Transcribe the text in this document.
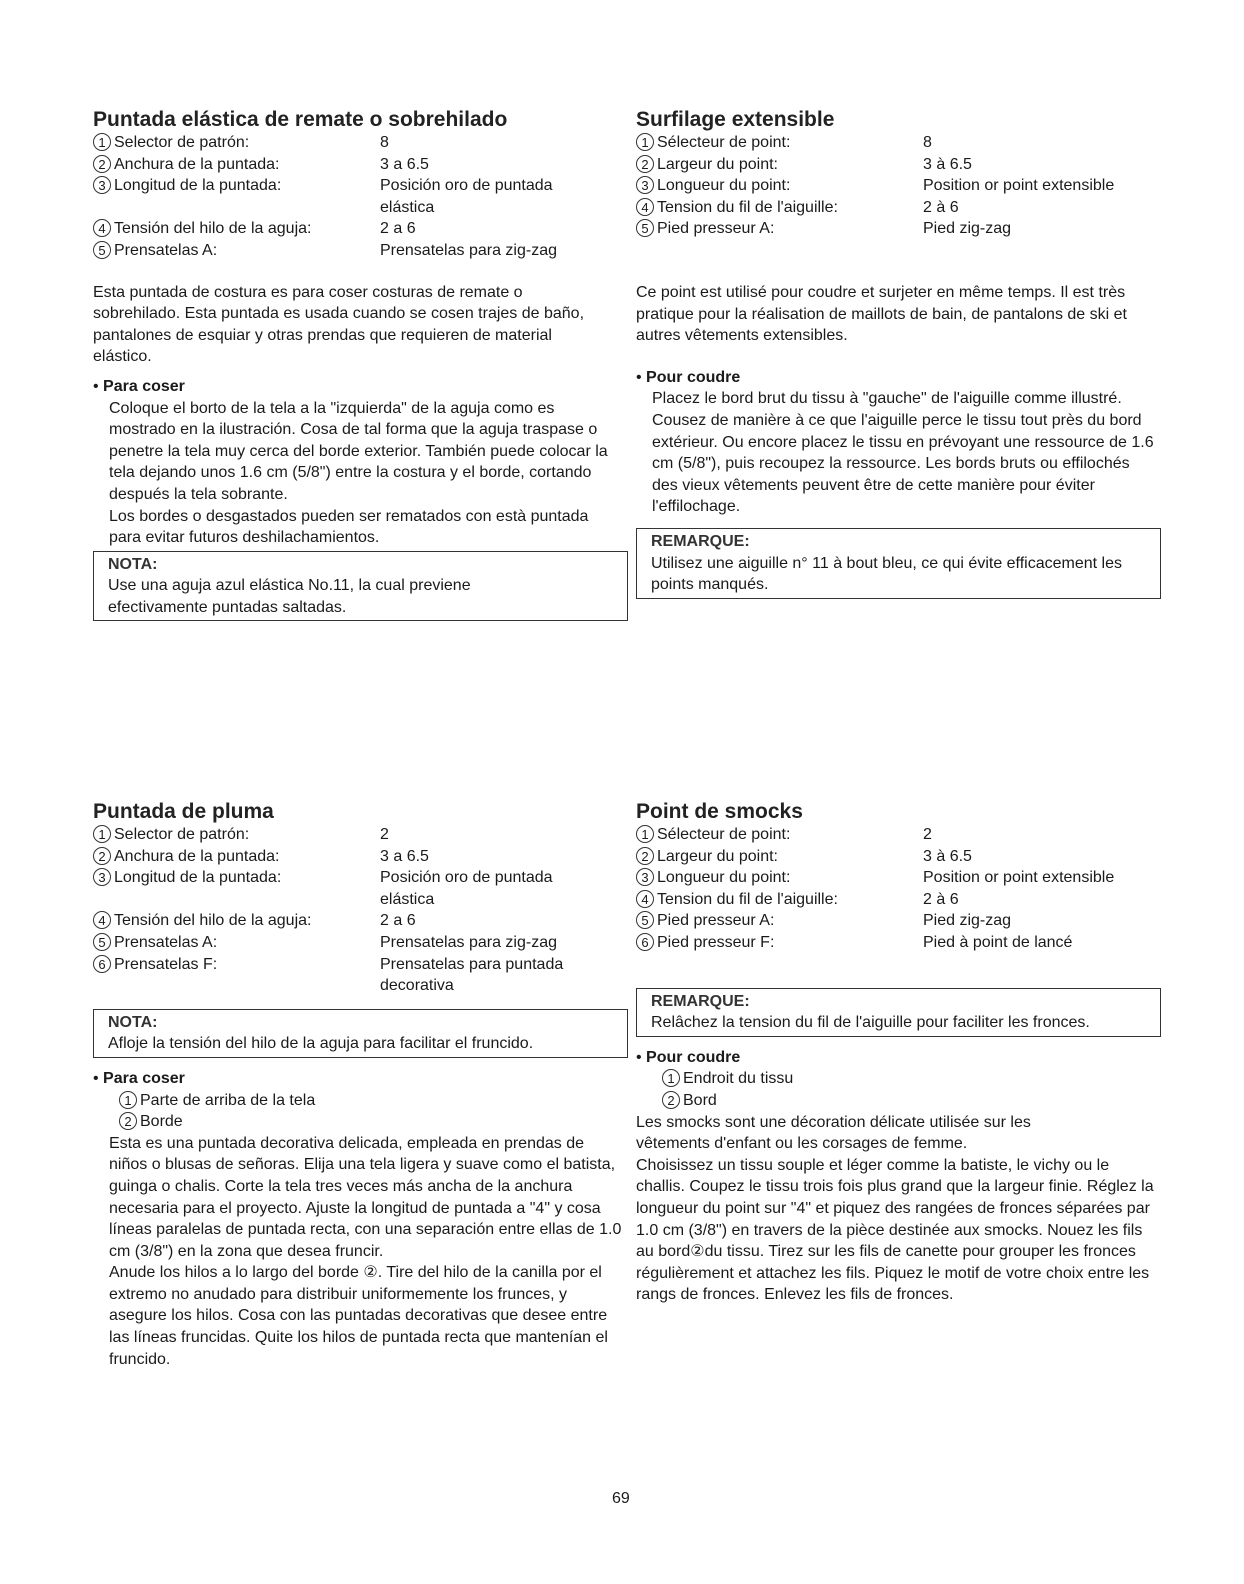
Puntada elástica de remate o sobrehilado
1 Selector de patrón:	8
2 Anchura de la puntada:	3 a 6.5
3 Longitud de la puntada:	Posición oro de puntada elástica
4 Tensión del hilo de la aguja:	2 a 6
5 Prensatelas A:	Prensatelas para zig-zag

Esta puntada de costura es para coser costuras de remate o sobrehilado. Esta puntada es usada cuando se cosen trajes de baño, pantalones de esquiar y otras prendas que requieren de material elástico.

• Para coser

Coloque el borto de la tela a la "izquierda" de la aguja como es mostrado en la ilustración. Cosa de tal forma que la aguja traspase o penetre la tela muy cerca del borde exterior. También puede colocar la tela dejando unos 1.6 cm (5/8") entre la costura y el borde, cortando después la tela sobrante.

Los bordes o desgastados pueden ser rematados con està puntada para evitar futuros deshilachamientos.

NOTA:
Use una aguja azul elástica No.11, la cual previene efectivamente puntadas saltadas.
Surfilage extensible
1 Sélecteur de point:	8
2 Largeur du point:	3 à 6.5
3 Longueur du point:	Position or point extensible
4 Tension du fil de l'aiguille:	2 à 6
5 Pied presseur A:	Pied zig-zag

Ce point est utilisé pour coudre et surjeter en même temps. Il est très pratique pour la réalisation de maillots de bain, de pantalons de ski et autres vêtements extensibles.

• Pour coudre

Placez le bord brut du tissu à "gauche" de l'aiguille comme illustré. Cousez de manière à ce que l'aiguille perce le tissu tout près du bord extérieur. Ou encore placez le tissu en prévoyant une ressource de 1.6 cm (5/8"), puis recoupez la ressource. Les bords bruts ou effilochés des vieux vêtements peuvent être de cette manière pour éviter l'effilochage.

REMARQUE:
Utilisez une aiguille n° 11 à bout bleu, ce qui évite efficacement les points manqués.
Puntada de pluma
1 Selector de patrón:	2
2 Anchura de la puntada:	3 a 6.5
3 Longitud de la puntada:	Posición oro de puntada elástica
4 Tensión del hilo de la aguja:	2 a 6
5 Prensatelas A:	Prensatelas para zig-zag
6 Prensatelas F:	Prensatelas para puntada decorativa
NOTA:
Afloje la tensión del hilo de la aguja para facilitar el fruncido.
• Para coser
1 Parte de arriba de la tela
2 Borde

Esta es una puntada decorativa delicada, empleada en prendas de niños o blusas de señoras. Elija una tela ligera y suave como el batista, guinga o chalis. Corte la tela tres veces más ancha de la anchura necesaria para el proyecto. Ajuste la longitud de puntada a "4" y cosa líneas paralelas de puntada recta, con una separación entre ellas de 1.0 cm (3/8") en la zona que desea fruncir.

Anude los hilos a lo largo del borde ②. Tire del hilo de la canilla por el extremo no anudado para distribuir uniformemente los frunces, y asegure los hilos. Cosa con las puntadas decorativas que desee entre las líneas fruncidas. Quite los hilos de puntada recta que mantenían el fruncido.

Point de smocks
1 Sélecteur de point:	2
2 Largeur du point:	3 à 6.5
3 Longueur du point:	Position or point extensible
4 Tension du fil de l'aiguille:	2 à 6
5 Pied presseur A:	Pied zig-zag
6 Pied presseur F:	Pied à point de lancé
REMARQUE:
Relâchez la tension du fil de l'aiguille pour faciliter les fronces.
• Pour coudre
1 Endroit du tissu
2 Bord

Les smocks sont une décoration délicate utilisée sur les vêtements d'enfant ou les corsages de femme.

Choisissez un tissu souple et léger comme la batiste, le vichy ou le challis. Coupez le tissu trois fois plus grand que la largeur finie. Réglez la longueur du point sur "4" et piquez des rangées de fronces séparées par 1.0 cm (3/8") en travers de la pièce destinée aux smocks. Nouez les fils au bord②du tissu. Tirez sur les fils de canette pour grouper les fronces régulièrement et attachez les fils. Piquez le motif de votre choix entre les rangs de fronces. Enlevez les fils de fronces.

69
